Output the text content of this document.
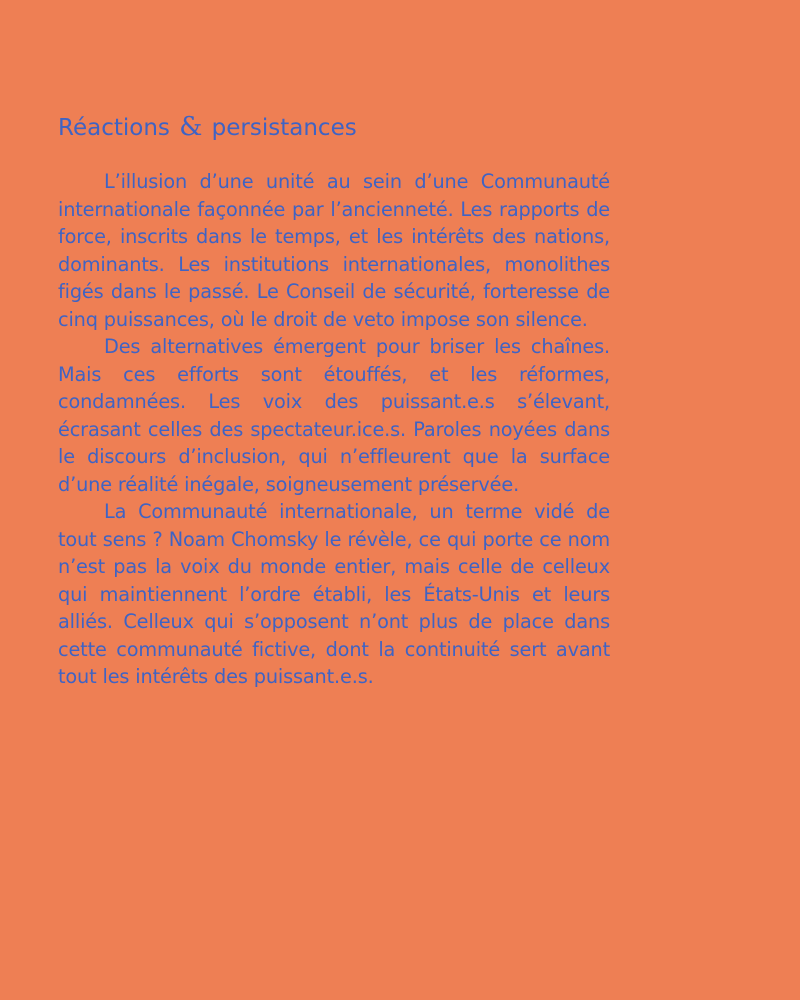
Réactions & persistances

L’illusion d’une unité au sein d’une Communauté internationale façonnée par l’ancienneté. Les rapports de force, inscrits dans le temps, et les intérêts des nations, dominants. Les institutions internationales, monolithes figés dans le passé. Le Conseil de sécurité, forteresse de cinq puissances, où le droit de veto impose son silence.

Des alternatives émergent pour briser les chaînes. Mais ces efforts sont étouffés, et les réformes, condamnées. Les voix des puissant.e.s s’élevant, écrasant celles des spectateur.ice.s. Paroles noyées dans le discours d’inclusion, qui n’effleurent que la surface d’une réalité inégale, soigneusement préservée.

La Communauté internationale, un terme vidé de tout sens ? Noam Chomsky le révèle, ce qui porte ce nom n’est pas la voix du monde entier, mais celle de celleux qui maintiennent l’ordre établi, les États-Unis et leurs alliés. Celleux qui s’opposent n’ont plus de place dans cette communauté fictive, dont la continuité sert avant tout les intérêts des puissant.e.s.
